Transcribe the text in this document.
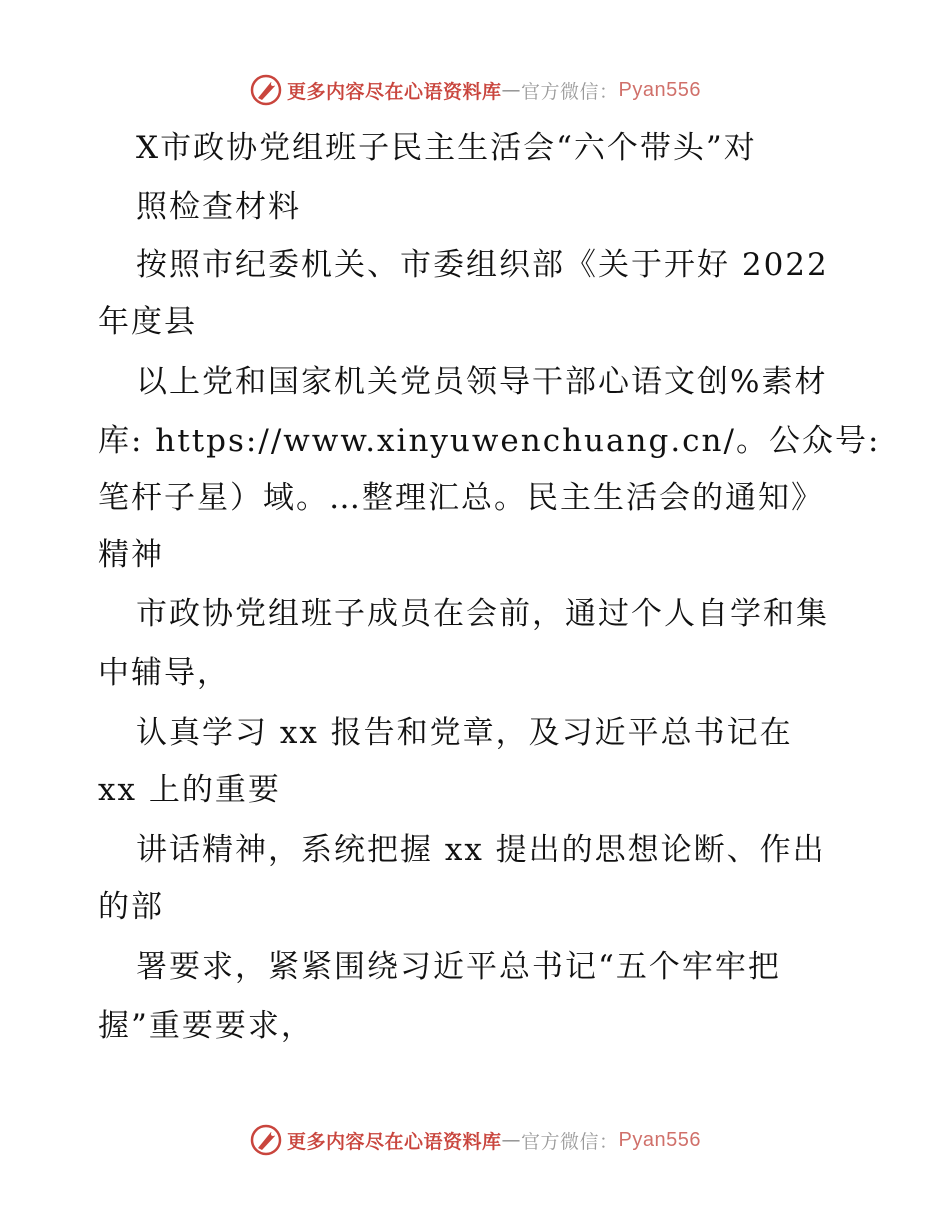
更多内容尽在心语资料库 — 官方微信： Pyan556
X市政协党组班子民主生活会“六个带头”对
照检查材料
按照市纪委机关、市委组织部《关于开好 2022
年度县
以上党和国家机关党员领导干部心语文创%素材
库: https://www.xinyuwenchuang.cn/。公众号:
笔杆子星）域。…整理汇总。民主生活会的通知》
精神
市政协党组班子成员在会前，通过个人自学和集
中辅导，
认真学习 xx 报告和党章，及习近平总书记在
xx 上的重要
讲话精神，系统把握 xx 提出的思想论断、作出
的部
署要求，紧紧围绕习近平总书记“五个牢牢把
握”重要要求，
更多内容尽在心语资料库 — 官方微信： Pyan556
